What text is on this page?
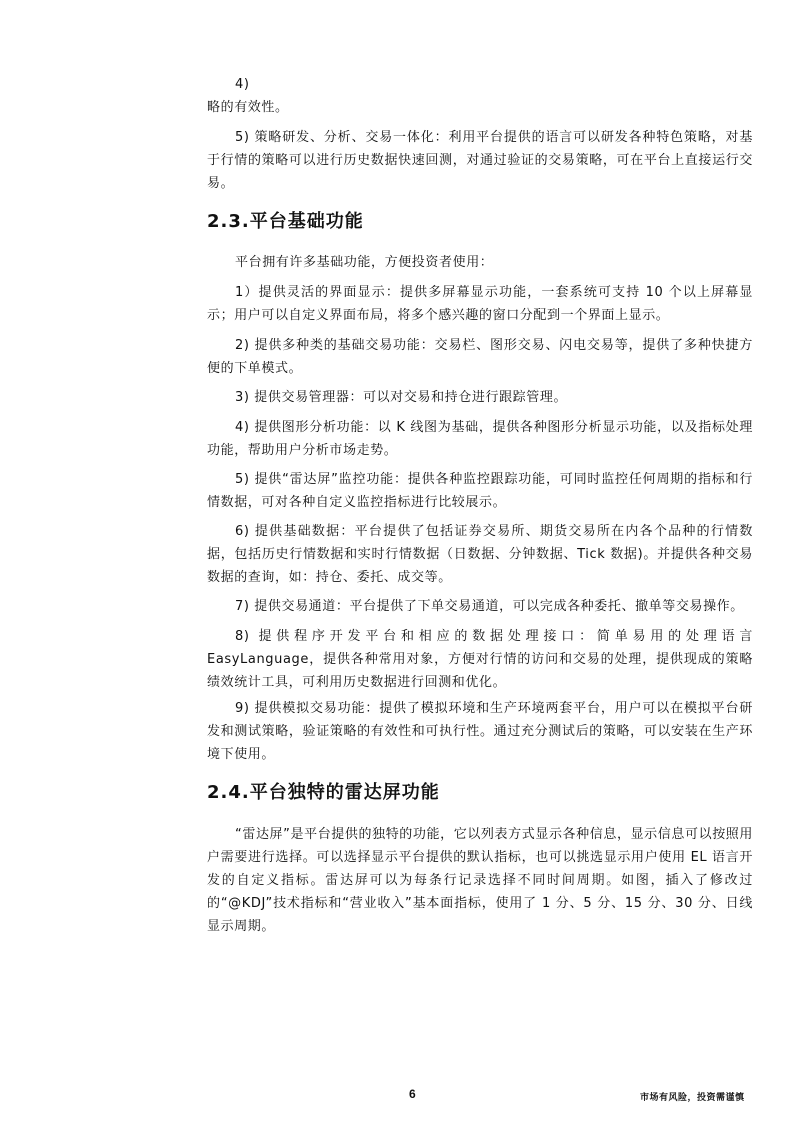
4)

略的有效性。

5) 策略研发、分析、交易一体化：利用平台提供的语言可以研发各种特色策略，对基于行情的策略可以进行历史数据快速回测，对通过验证的交易策略，可在平台上直接运行交易。

2.3.平台基础功能

平台拥有许多基础功能，方便投资者使用：

1）提供灵活的界面显示：提供多屏幕显示功能，一套系统可支持 10 个以上屏幕显示；用户可以自定义界面布局，将多个感兴趣的窗口分配到一个界面上显示。

2) 提供多种类的基础交易功能：交易栏、图形交易、闪电交易等，提供了多种快捷方便的下单模式。

3) 提供交易管理器：可以对交易和持仓进行跟踪管理。

4) 提供图形分析功能：以 K 线图为基础，提供各种图形分析显示功能，以及指标处理功能，帮助用户分析市场走势。

5) 提供“雷达屏”监控功能：提供各种监控跟踪功能，可同时监控任何周期的指标和行情数据，可对各种自定义监控指标进行比较展示。

6) 提供基础数据：平台提供了包括证券交易所、期货交易所在内各个品种的行情数据，包括历史行情数据和实时行情数据（日数据、分钟数据、Tick 数据)。并提供各种交易数据的查询，如：持仓、委托、成交等。

7) 提供交易通道：平台提供了下单交易通道，可以完成各种委托、撤单等交易操作。

8) 提供程序开发平台和相应的数据处理接口：简单易用的处理语言 EasyLanguage，提供各种常用对象，方便对行情的访问和交易的处理，提供现成的策略绩效统计工具，可利用历史数据进行回测和优化。

9) 提供模拟交易功能：提供了模拟环境和生产环境两套平台，用户可以在模拟平台研发和测试策略，验证策略的有效性和可执行性。通过充分测试后的策略，可以安装在生产环境下使用。

2.4.平台独特的雷达屏功能

“雷达屏”是平台提供的独特的功能，它以列表方式显示各种信息，显示信息可以按照用户需要进行选择。可以选择显示平台提供的默认指标，也可以挑选显示用户使用 EL 语言开发的自定义指标。雷达屏可以为每条行记录选择不同时间周期。如图，插入了修改过的“@KDJ”技术指标和“营业收入”基本面指标，使用了 1 分、5 分、15 分、30 分、日线显示周期。

6	市场有风险，投资需谨慎
